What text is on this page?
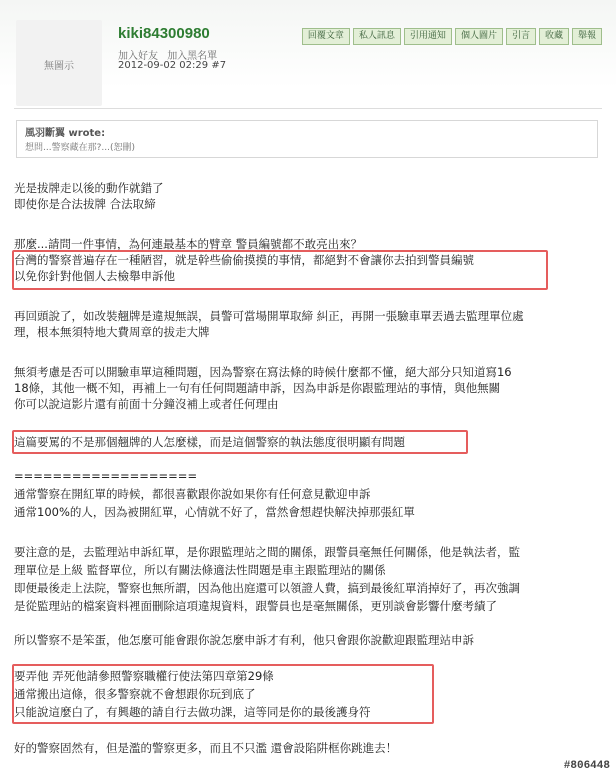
無圖示
kiki84300980
加入好友 加入黑名單
2012-09-02 02:29 #7
回覆文章	私人訊息	引用通知	個人圖片	引言	收藏	舉報
風羽斷翼 wrote:
想問...警察藏在那?...(恕刪)
光是拔牌走以後的動作就錯了
即使你是合法拔牌 合法取締
那麼...請問一件事情，為何連最基本的臂章 警員編號都不敢亮出來？
台灣的警察普遍存在一種陋習，就是幹些偷偷摸摸的事情，都絕對不會讓你去拍到警員編號
以免你針對他個人去檢舉申訴他
再回頭說了，如改裝翹牌是違規無誤，員警可當場開單取締 糾正，再開一張驗車單丟過去監理單位處
理，根本無須特地大費周章的拔走大牌
無須考慮是否可以開驗車單這種問題，因為警察在寫法條的時候什麼都不懂，絕大部分只知道寫16
18條，其他一概不知，再補上一句有任何問題請申訴，因為申訴是你跟監理站的事情，與他無關
你可以說這影片還有前面十分鐘沒補上或者任何理由
這篇要罵的不是那個翹牌的人怎麼樣，而是這個警察的執法態度很明顯有問題
===================
通常警察在開紅單的時候，都很喜歡跟你說如果你有任何意見歡迎申訴
通常100%的人，因為被開紅單，心情就不好了，當然會想趕快解決掉那張紅單
要注意的是，去監理站申訴紅單，是你跟監理站之間的關係，跟警員毫無任何關係，他是執法者，監
理單位是上級 監督單位，所以有關法條適法性問題是車主跟監理站的關係
即便最後走上法院，警察也無所謂，因為他出庭還可以領證人費，搞到最後紅單消掉好了，再次強調
是從監理站的檔案資料裡面刪除這項違規資料，跟警員也是毫無關係，更別談會影響什麼考績了
所以警察不是笨蛋，他怎麼可能會跟你說怎麼申訴才有利，他只會跟你說歡迎跟監理站申訴
要弄他 弄死他請參照警察職權行使法第四章第29條
通常搬出這條，很多警察就不會想跟你玩到底了
只能說這麼白了，有興趣的請自行去做功課，這等同是你的最後護身符
好的警察固然有，但是濫的警察更多，而且不只濫 還會設陷阱框你跳進去！
#806448
